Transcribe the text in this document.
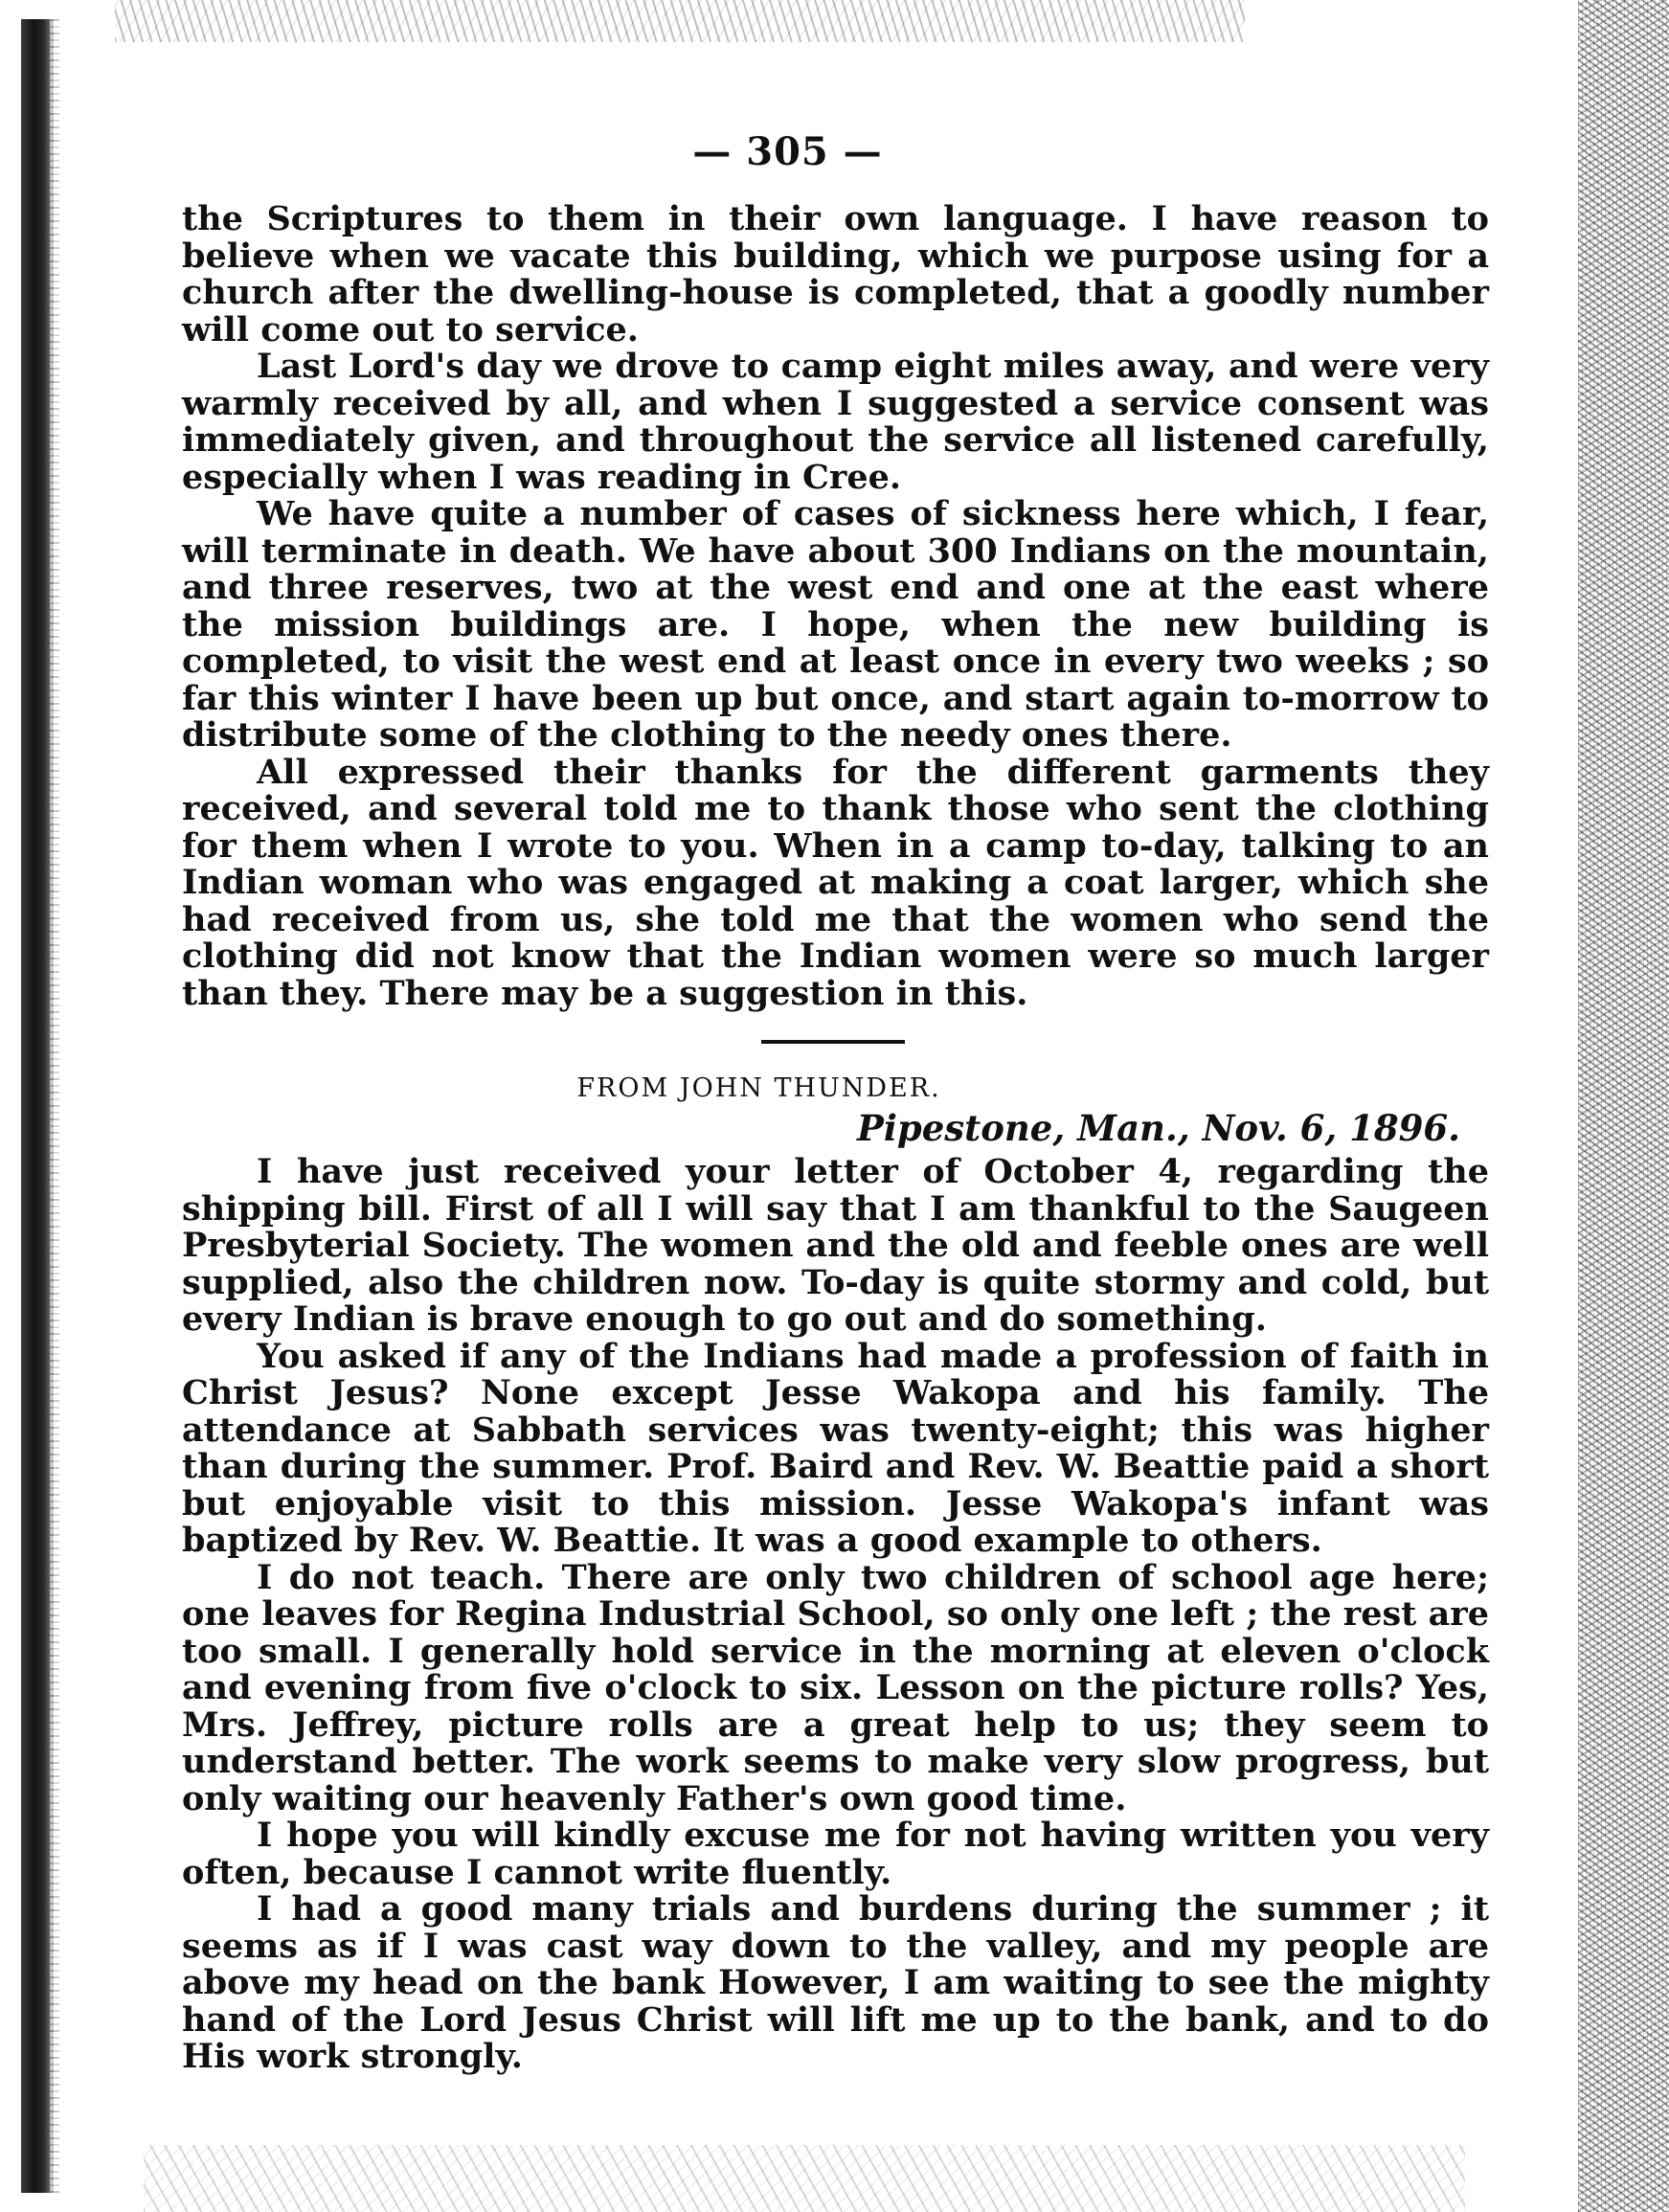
— 305 —

the Scriptures to them in their own language. I have reason to believe when we vacate this building, which we purpose using for a church after the dwelling-house is completed, that a goodly number will come out to service.

Last Lord's day we drove to camp eight miles away, and were very warmly received by all, and when I suggested a service consent was immediately given, and throughout the service all listened carefully, especially when I was reading in Cree.

We have quite a number of cases of sickness here which, I fear, will terminate in death. We have about 300 Indians on the mountain, and three reserves, two at the west end and one at the east where the mission buildings are. I hope, when the new building is completed, to visit the west end at least once in every two weeks ; so far this winter I have been up but once, and start again to-morrow to distribute some of the clothing to the needy ones there.

All expressed their thanks for the different garments they received, and several told me to thank those who sent the clothing for them when I wrote to you. When in a camp to-day, talking to an Indian woman who was engaged at making a coat larger, which she had received from us, she told me that the women who send the clothing did not know that the Indian women were so much larger than they. There may be a suggestion in this.

FROM JOHN THUNDER.
Pipestone, Man., Nov. 6, 1896.

I have just received your letter of October 4, regarding the shipping bill. First of all I will say that I am thankful to the Saugeen Presbyterial Society. The women and the old and feeble ones are well supplied, also the children now. To-day is quite stormy and cold, but every Indian is brave enough to go out and do something.

You asked if any of the Indians had made a profession of faith in Christ Jesus? None except Jesse Wakopa and his family. The attendance at Sabbath services was twenty-eight; this was higher than during the summer. Prof. Baird and Rev. W. Beattie paid a short but enjoyable visit to this mission. Jesse Wakopa's infant was baptized by Rev. W. Beattie. It was a good example to others.

I do not teach. There are only two children of school age here; one leaves for Regina Industrial School, so only one left ; the rest are too small. I generally hold service in the morning at eleven o'clock and evening from five o'clock to six. Lesson on the picture rolls? Yes, Mrs. Jeffrey, picture rolls are a great help to us; they seem to understand better. The work seems to make very slow progress, but only waiting our heavenly Father's own good time.

I hope you will kindly excuse me for not having written you very often, because I cannot write fluently.

I had a good many trials and burdens during the summer ; it seems as if I was cast way down to the valley, and my people are above my head on the bank However, I am waiting to see the mighty hand of the Lord Jesus Christ will lift me up to the bank, and to do His work strongly.
